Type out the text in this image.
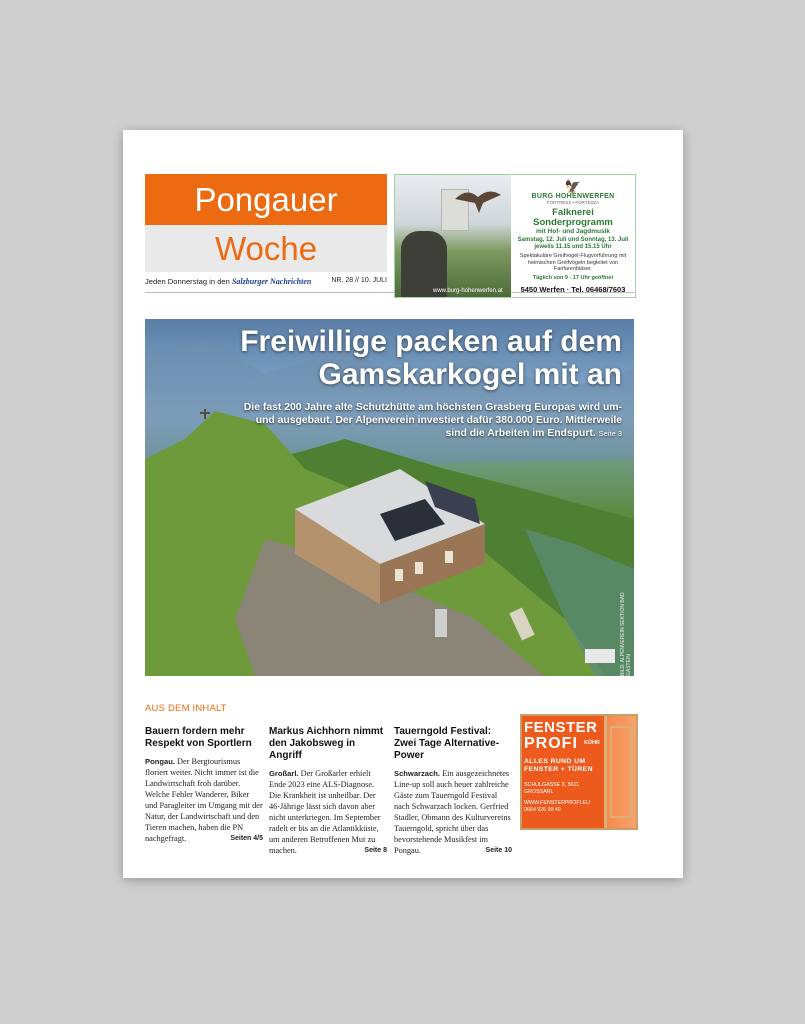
Pongauer
Woche
Jeden Donnerstag in den Salzburger Nachrichten	NR. 28 // 10. JULI
www.burg-hohenwerfen.at
🦅
BURG HOHENWERFEN
FORTRESS • FORTEZZA
Falknerei Sonderprogramm
mit Hof- und Jagdmusik
Samstag, 12. Juli und Sonntag, 13. Juli jeweils 11.15 und 15.15 Uhr
Spektakuläre Greifvogel-Flugvorführung mit heimischen Greifvögeln begleitet von Fanfarenbläser.
Täglich von 9 - 17 Uhr geöffnet
5450 Werfen · Tel. 06468/7603
Freiwillige packen auf dem Gamskarkogel mit an
Die fast 200 Jahre alte Schutzhütte am höchsten Grasberg Europas wird um- und ausgebaut. Der Alpenverein investiert dafür 380.000 Euro. Mittlerweile sind die Arbeiten im Endspurt. Seite 3
BILD: ALPENVEREIN SEKTION BAD GASTEIN
AUS DEM INHALT
Bauern fordern mehr Respekt von Sportlern

Pongau. Der Bergtourismus floriert weiter. Nicht immer ist die Landwirtschaft froh darüber. Welche Fehler Wanderer, Biker und Paragleiter im Umgang mit der Natur, der Landwirtschaft und den Tieren machen, haben die PN nachgefragt.	Seiten 4/5

Markus Aichhorn nimmt den Jakobsweg in Angriff

Großarl. Der Großarler erhielt Ende 2023 eine ALS-Diagnose. Die Krankheit ist unheilbar. Der 46-Jährige lässt sich davon aber nicht unterkriegen. Im September radelt er bis an die Atlantikküste, um anderen Betroffenen Mut zu machen.	Seite 8

Tauerngold Festival: Zwei Tage Alternative-Power

Schwarzach. Ein ausgezeichnetes Line-up soll auch heuer zahlreiche Gäste zum Tauerngold Festival nach Schwarzach locken. Gerfried Stadler, Obmann des Kulturvereins Tauerngold, spricht über das bevorstehende Musikfest im Pongau.	Seite 10

FENSTER
PROFI KÜHR
ALLES RUND UM FENSTER + TÜREN
SCHULGASSE 3, 5611 GROSSARL
WWW.FENSTERPROFI.EU
0664 926 99 49
